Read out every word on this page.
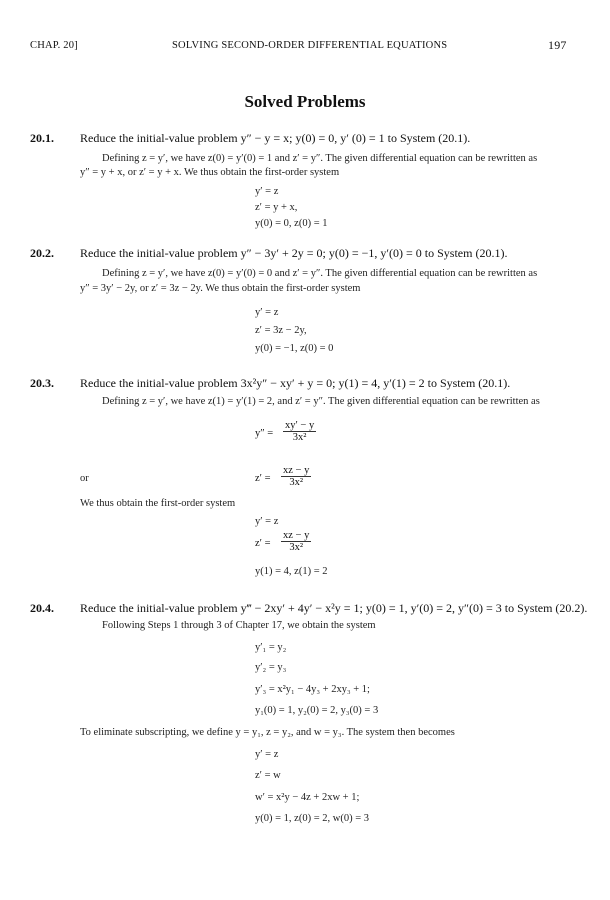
CHAP. 20]	SOLVING SECOND-ORDER DIFFERENTIAL EQUATIONS	197
Solved Problems
20.1. Reduce the initial-value problem y″ − y = x; y(0) = 0, y′ (0) = 1 to System (20.1).
Defining z = y′, we have z(0) = y′(0) = 1 and z′ = y″. The given differential equation can be rewritten as
y″ = y + x, or z′ = y + x. We thus obtain the first-order system
y′ = z
z′ = y + x,
y(0) = 0, z(0) = 1
20.2. Reduce the initial-value problem y″ − 3y′ + 2y = 0; y(0) = −1, y′(0) = 0 to System (20.1).
Defining z = y′, we have z(0) = y′(0) = 0 and z′ = y″. The given differential equation can be rewritten as
y″ = 3y′ − 2y, or z′ = 3z − 2y. We thus obtain the first-order system
y′ = z
z′ = 3z − 2y,
y(0) = −1, z(0) = 0
20.3. Reduce the initial-value problem 3x²y″ − xy′ + y = 0; y(1) = 4, y′(1) = 2 to System (20.1).
Defining z = y′, we have z(1) = y′(1) = 2, and z′ = y″. The given differential equation can be rewritten as
$y'' = \frac{xy' - y}{\text{3x²}}$
or	$z' = \frac{xz - y}{\text{3x²}}$
We thus obtain the first-order system
y′ = z
$z' = \frac{xz - y}{\text{3x²}}$
y(1) = 4, z(1) = 2
20.4. Reduce the initial-value problem y‴ − 2xy′ + 4y′ − x²y = 1; y(0) = 1, y′(0) = 2, y″(0) = 3 to System (20.2).
Following Steps 1 through 3 of Chapter 17, we obtain the system
y′₁ = y₂
y′₂ = y₃
y′₃ = x²y₁ − 4y₃ + 2xy₃ + 1;
y₁(0) = 1, y₂(0) = 2, y₃(0) = 3
To eliminate subscripting, we define y = y₁, z = y₂, and w = y₃. The system then becomes
y′ = z
z′ = w
w′ = x²y − 4z + 2xw + 1;
y(0) = 1, z(0) = 2, w(0) = 3
